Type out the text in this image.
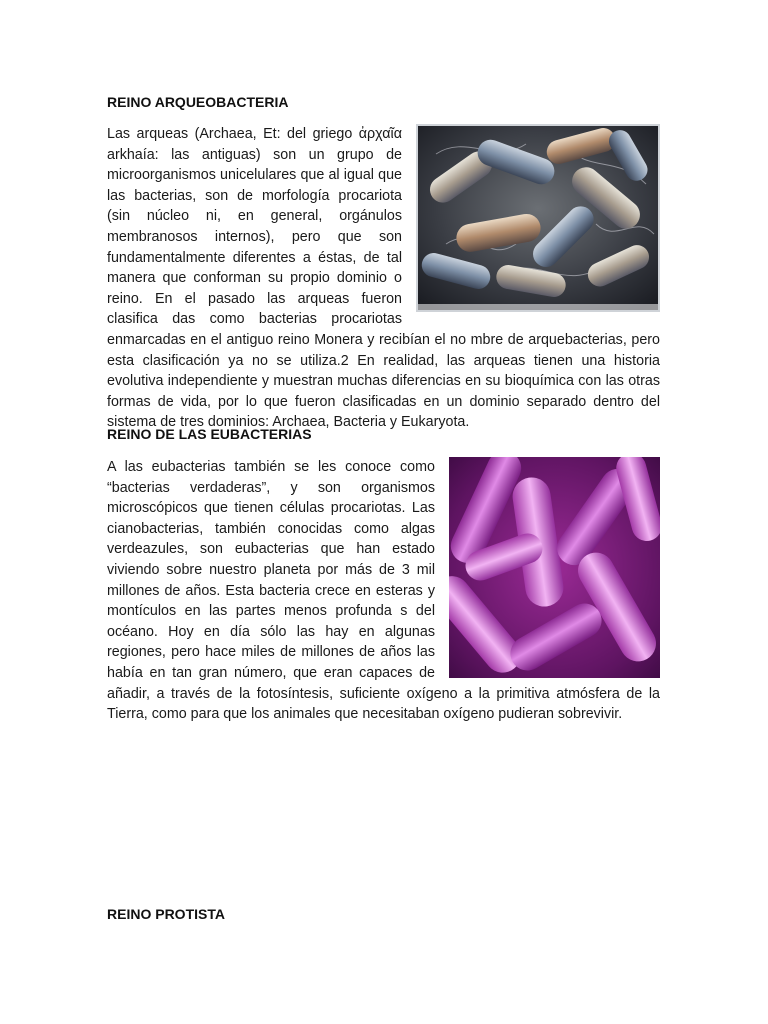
REINO ARQUEOBACTERIA
Las arqueas (Archaea, Et: del griego ἀρχαῖα arkhaía: las antiguas) son un grupo de microorganismos unicelulares que al igual que las bacterias, son de morfología procariota (sin núcleo ni, en general, orgánulos membranosos internos), pero que son fundamentalmente diferentes a éstas, de tal manera que conforman su propio dominio o reino. En el pasado las arqueas fueron clasifica das como bacterias procariotas enmarcadas en el antiguo reino Monera y recibían el no mbre de arquebacterias, pero esta clasificación ya no se utiliza.2 En realidad, las arqueas tienen una historia evolutiva independiente y muestran muchas diferencias en su bioquímica con las otras formas de vida, por lo que fueron clasificadas en un dominio separado dentro del sistema de tres dominios: Archaea, Bacteria y Eukaryota.
REINO DE LAS EUBACTERIAS
A las eubacterias también se les conoce como “bacterias verdaderas”, y son organismos microscópicos que tienen células procariotas. Las cianobacterias, también conocidas como algas verdeazules, son eubacterias que han estado viviendo sobre nuestro planeta por más de 3 mil millones de años. Esta bacteria crece en esteras y montículos en las partes menos profunda s del océano. Hoy en día sólo las hay en algunas regiones, pero hace miles de millones de años las había en tan gran número, que eran capaces de añadir, a través de la fotosíntesis, suficiente oxígeno a la primitiva atmósfera de la Tierra, como para que los animales que necesitaban oxígeno pudieran sobrevivir.
REINO PROTISTA
